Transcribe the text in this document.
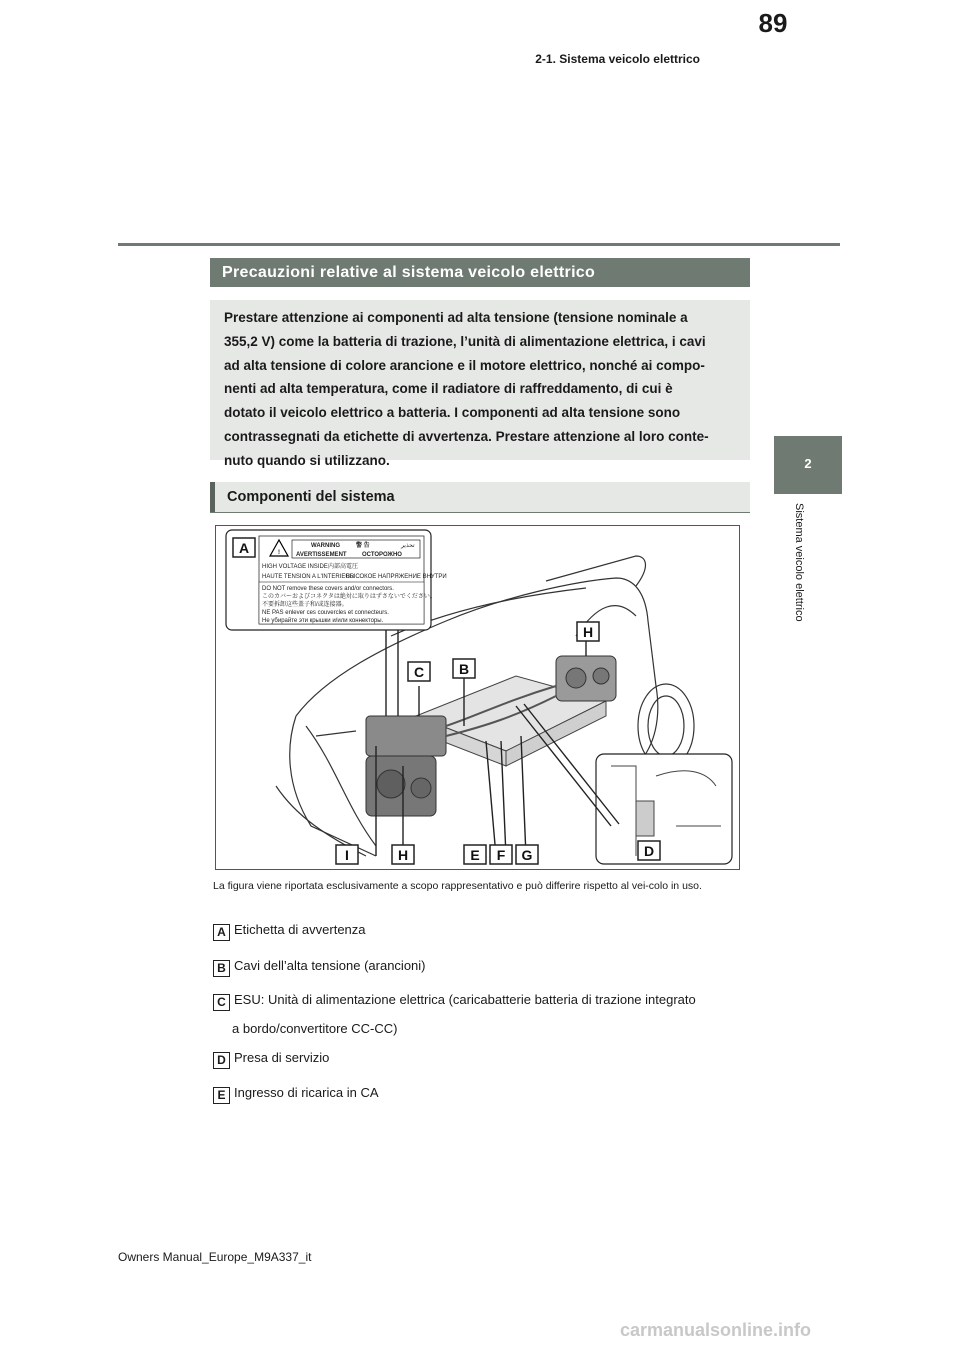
89
2-1. Sistema veicolo elettrico
2
Sistema veicolo elettrico
Precauzioni relative al sistema veicolo elettrico
Prestare attenzione ai componenti ad alta tensione (tensione nominale a
355,2 V) come la batteria di trazione, l’unità di alimentazione elettrica, i cavi
ad alta tensione di colore arancione e il motore elettrico, nonché ai compo-
nenti ad alta temperatura, come il radiatore di raffreddamento, di cui è
dotato il veicolo elettrico a batteria. I componenti ad alta tensione sono
contrassegnati da etichette di avvertenza. Prestare attenzione al loro conte-
nuto quando si utilizzano.
Componenti del sistema
!
WARNING	警 告	تحذير
AVERTISSEMENT	ОСТОРОЖНО
HIGH VOLTAGE INSIDE 内部高電圧
HAUTE TENSION A L'INTERIEUR
ВЫСОКОЕ НАПРЯЖЕНИЕ ВНУТРИ
DO NOT remove these covers and/or connectors.
このカバーおよびコネクタは絶対に取りはずさないでください。
不要拆卸这些盖子和/或连接器。
NE PAS enlever ces couvercles et connecteurs.
Не убирайте эти крышки и/или коннекторы.
A
B
C
D
E F G
H
H
I
La figura viene riportata esclusivamente a scopo rappresentativo e può differire rispetto al vei-colo in uso.
A Etichetta di avvertenza
B Cavi dell’alta tensione (arancioni)
C ESU: Unità di alimentazione elettrica (caricabatterie batteria di trazione integrato
a bordo/convertitore CC-CC)
D Presa di servizio
E Ingresso di ricarica in CA
Owners Manual_Europe_M9A337_it
carmanualsonline.info
